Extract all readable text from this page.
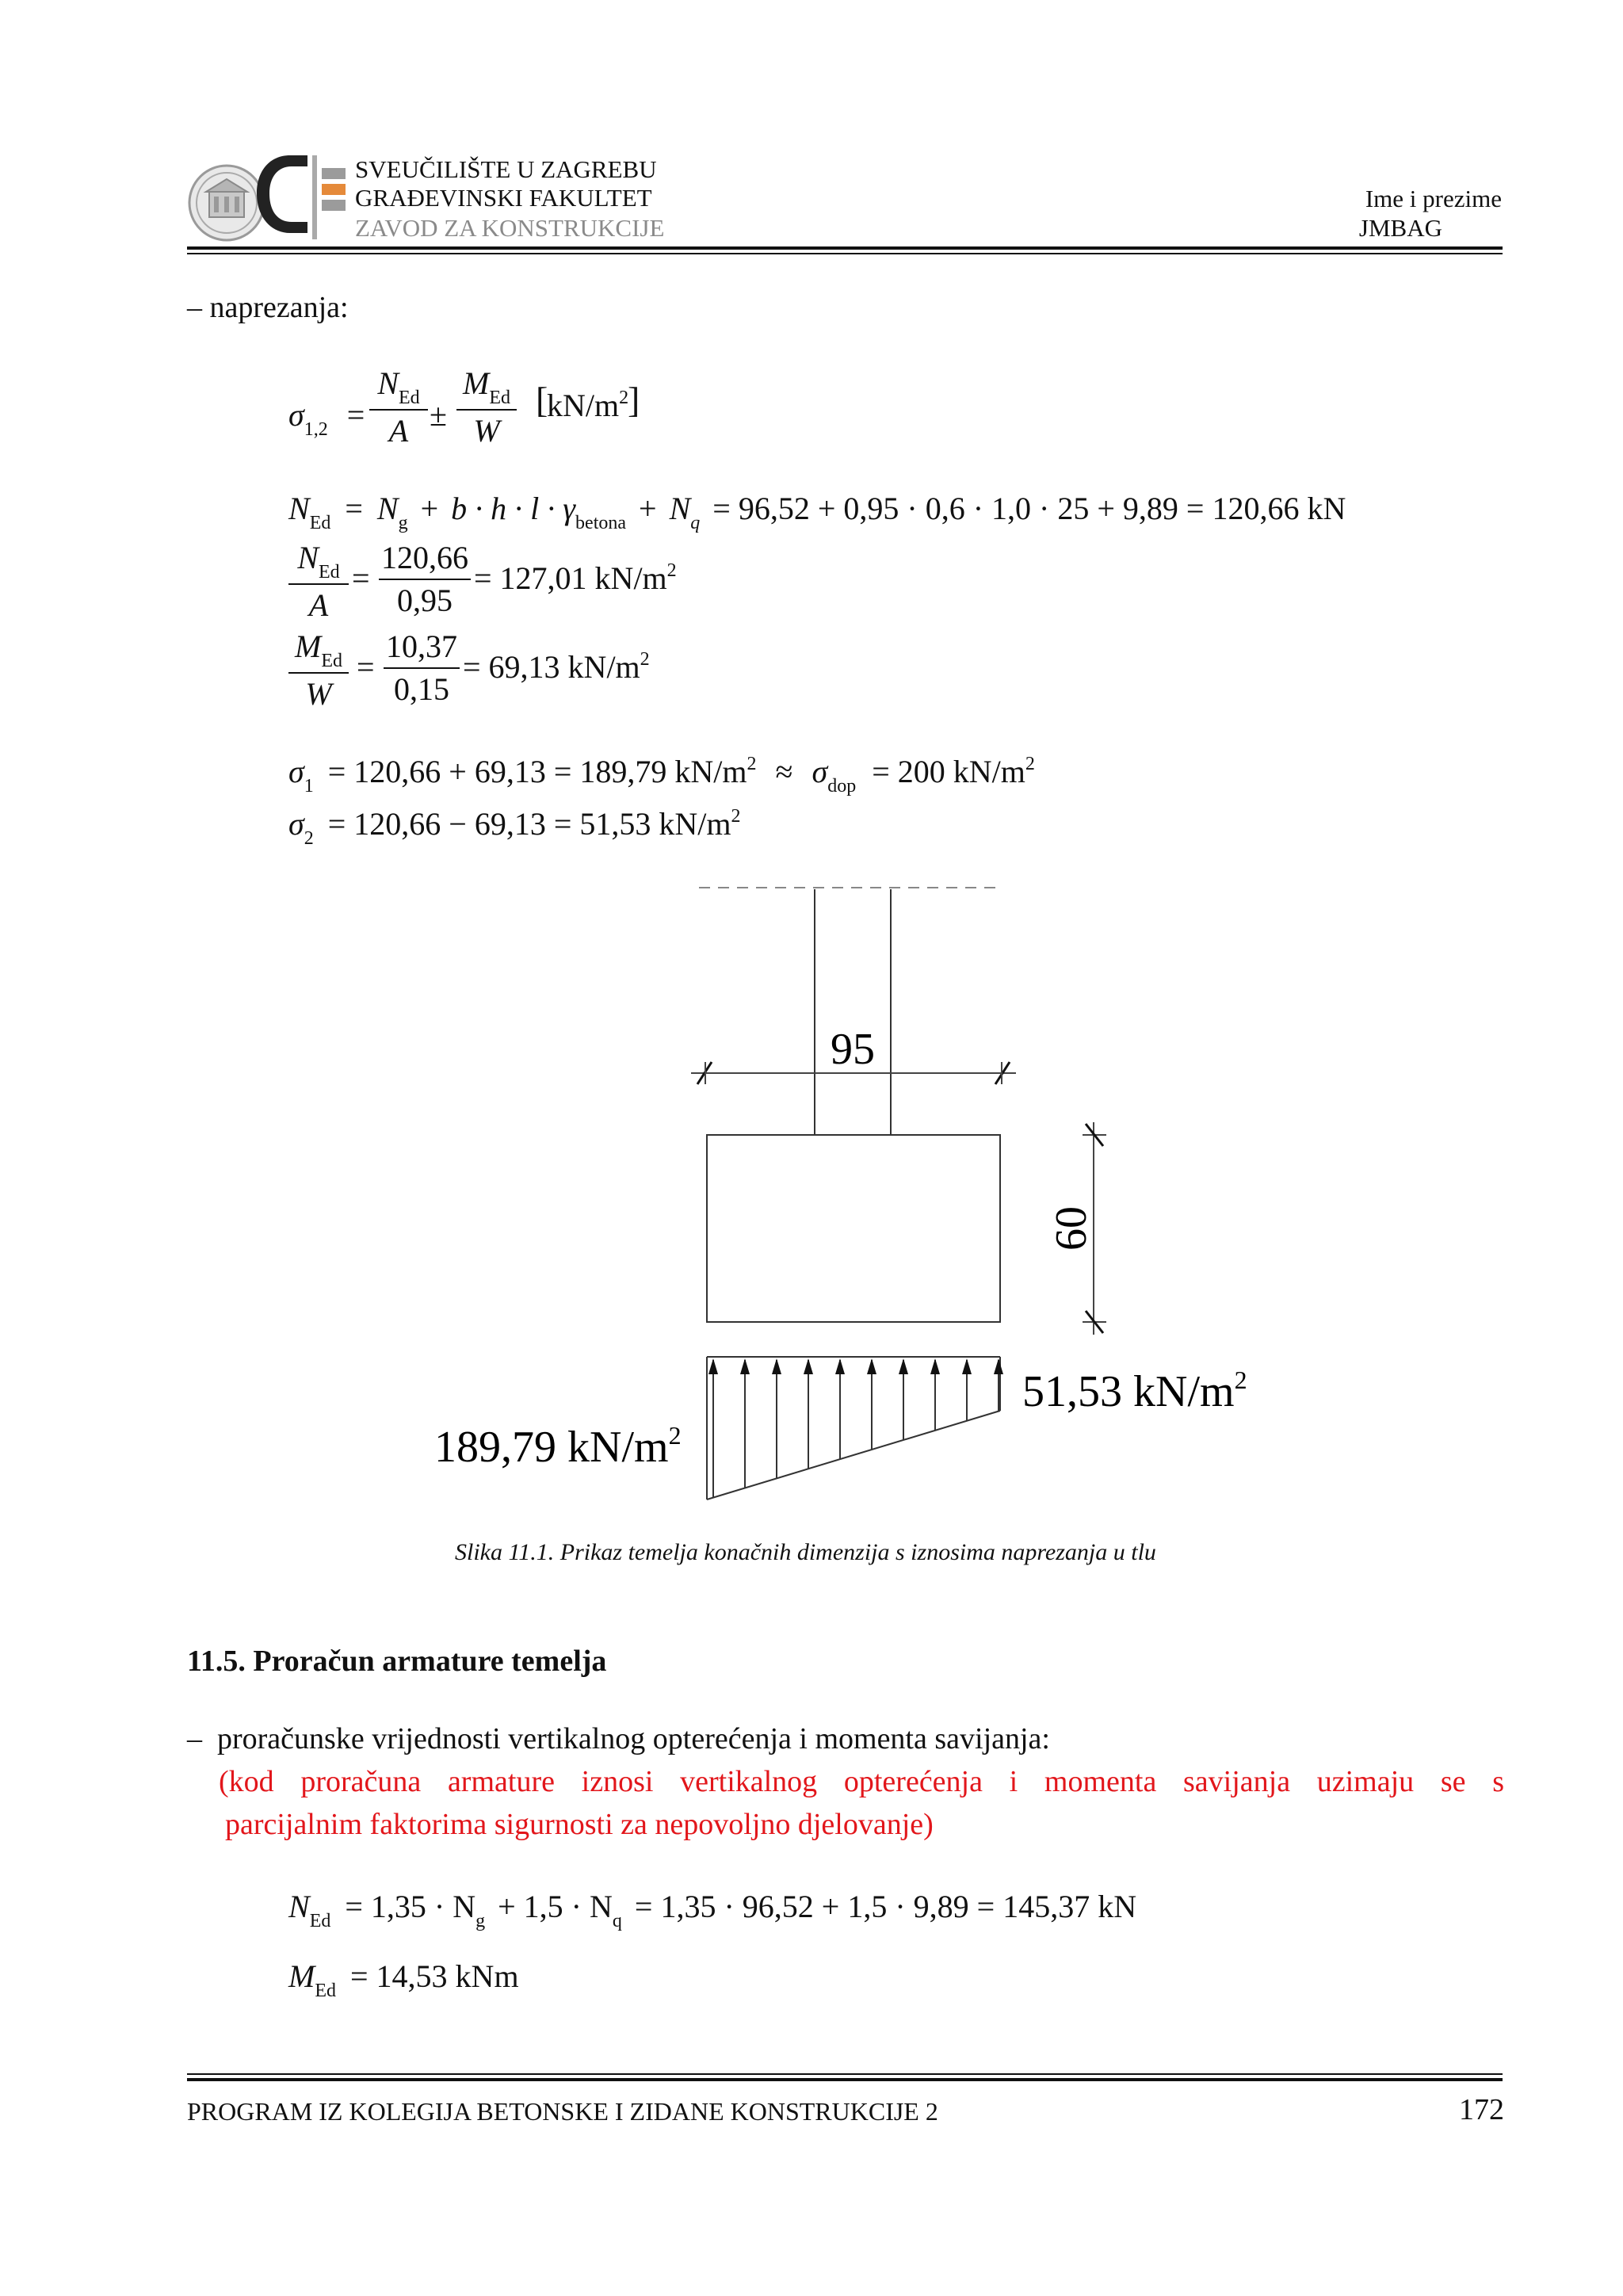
SVEUČILIŠTE U ZAGREBU
GRAĐEVINSKI FAKULTET
ZAVOD ZA KONSTRUKCIJE
Ime i prezime
JMBAG
– naprezanja:
$\sigma_{1,2}$ =
$N_{Ed}$
A ±
$M_{Ed}$
W
[
$kN/m^2$
]
$N_{Ed} = N_g + b \cdot h \cdot l \cdot \gamma_{betona} + N_q = 96,52 + 0,95 \cdot 0,6 \cdot 1,0 \cdot 25 + 9,89 = 120,66$ kN
$N_{Ed}$
A
= $\frac{120,66}{0,95} = 127,01$ $kN/m^2$
$M_{Ed}$
W
= $\frac{10,37}{0,15} = 69,13$ $kN/m^2$
$\sigma_1 = 120,66 + 69,13 = 189,79$ $kN/m^2 \approx \sigma_{dop} = 200$ $kN/m^2$
$\sigma_2 = 120,66 - 69,13 = 51,53$ $kN/m^2$
95
60
51,53 $kN/m^2$
189,79 $kN/m^2$
Slika 11.1. Prikaz temelja konačnih dimenzija s iznosima naprezanja u tlu
11.5. Proračun armature temelja
–  proračunske vrijednosti vertikalnog opterećenja i momenta savijanja:
(kod proračuna armature iznosi vertikalnog opterećenja i momenta savijanja uzimaju se s
parcijalnim faktorima sigurnosti za nepovoljno djelovanje)
$N_{Ed} = 1,35 \cdot N_g + 1,5 \cdot N_q = 1,35 \cdot 96,52 + 1,5 \cdot 9,89 = 145,37$ kN
$M_{Ed} = 14,53$ kNm
PROGRAM IZ KOLEGIJA BETONSKE I ZIDANE KONSTRUKCIJE 2	172
